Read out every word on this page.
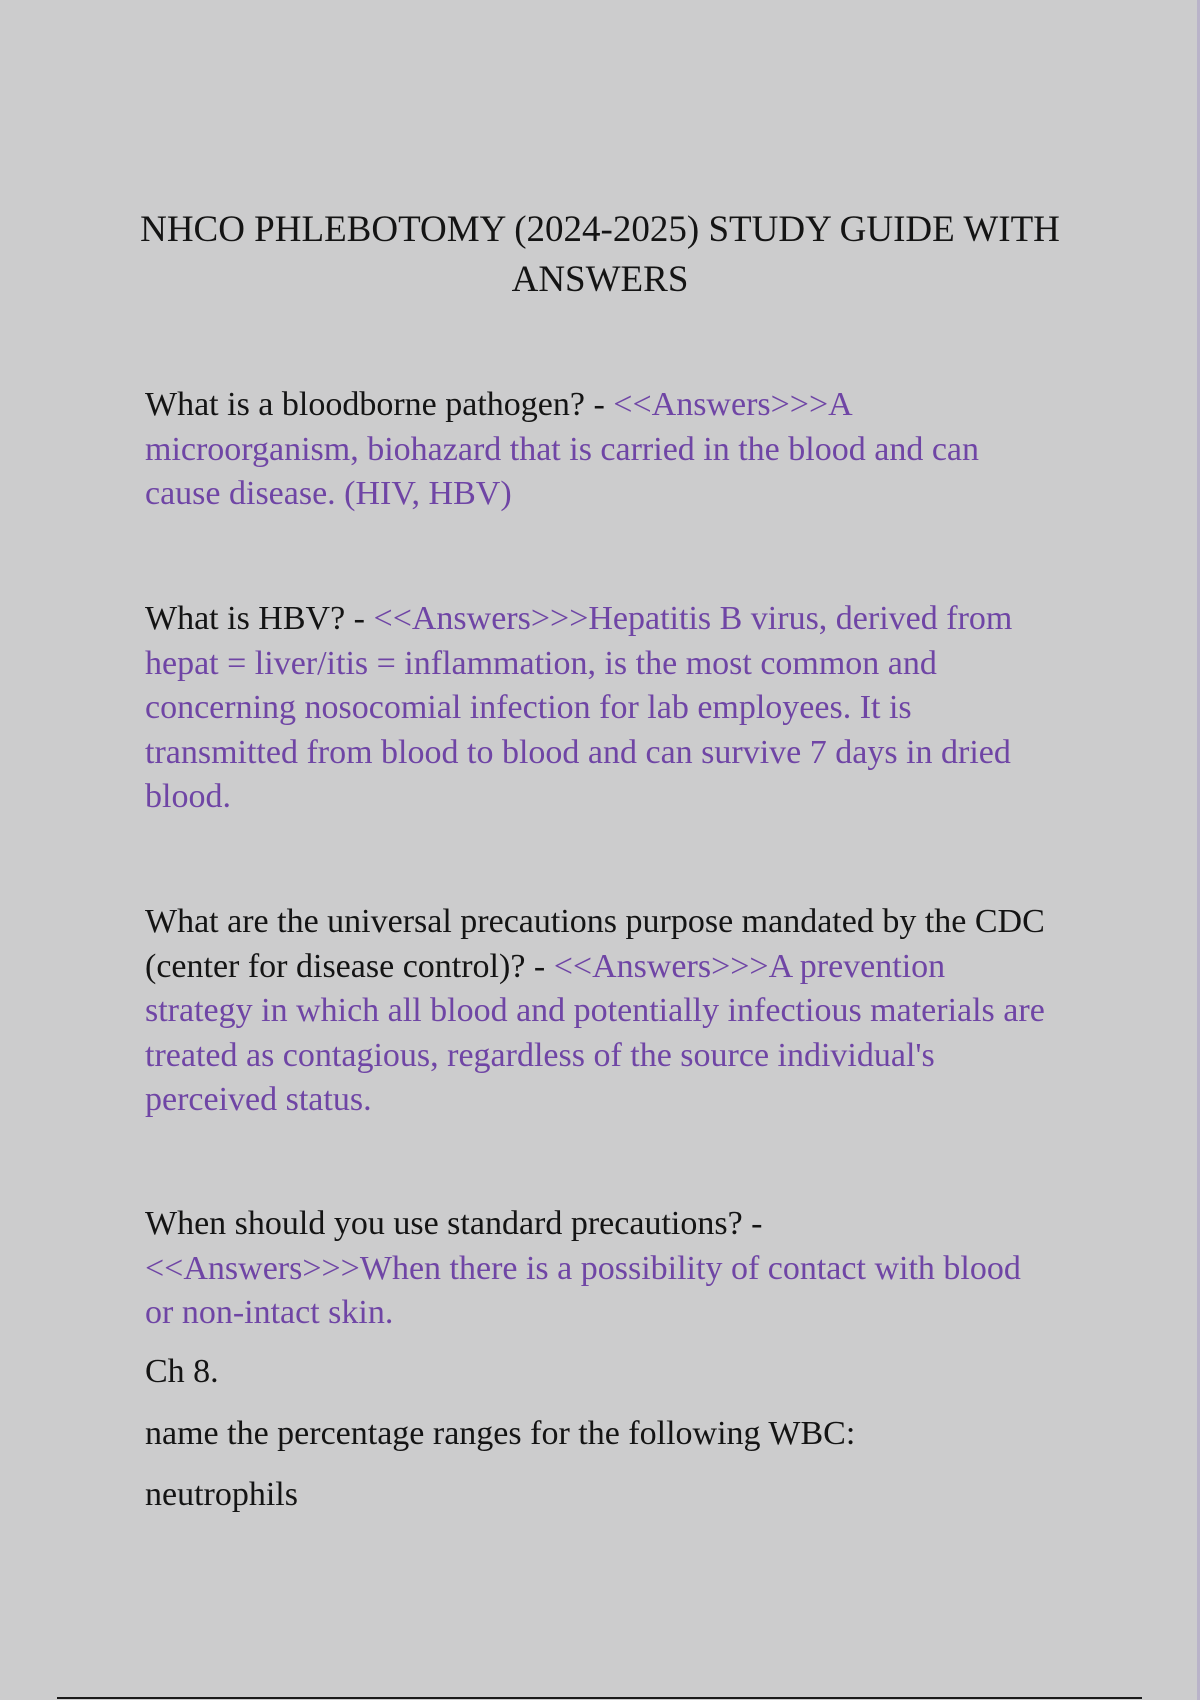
NHCO PHLEBOTOMY (2024-2025) STUDY GUIDE WITH ANSWERS

What is a bloodborne pathogen? - <<Answers>>>A microorganism, biohazard that is carried in the blood and can cause disease. (HIV, HBV)

What is HBV? - <<Answers>>>Hepatitis B virus, derived from hepat = liver/itis = inflammation, is the most common and concerning nosocomial infection for lab employees. It is transmitted from blood to blood and can survive 7 days in dried blood.

What are the universal precautions purpose mandated by the CDC (center for disease control)? - <<Answers>>>A prevention strategy in which all blood and potentially infectious materials are treated as contagious, regardless of the source individual's perceived status.

When should you use standard precautions? - <<Answers>>>When there is a possibility of contact with blood or non-intact skin.

Ch 8.

name the percentage ranges for the following WBC:

neutrophils
